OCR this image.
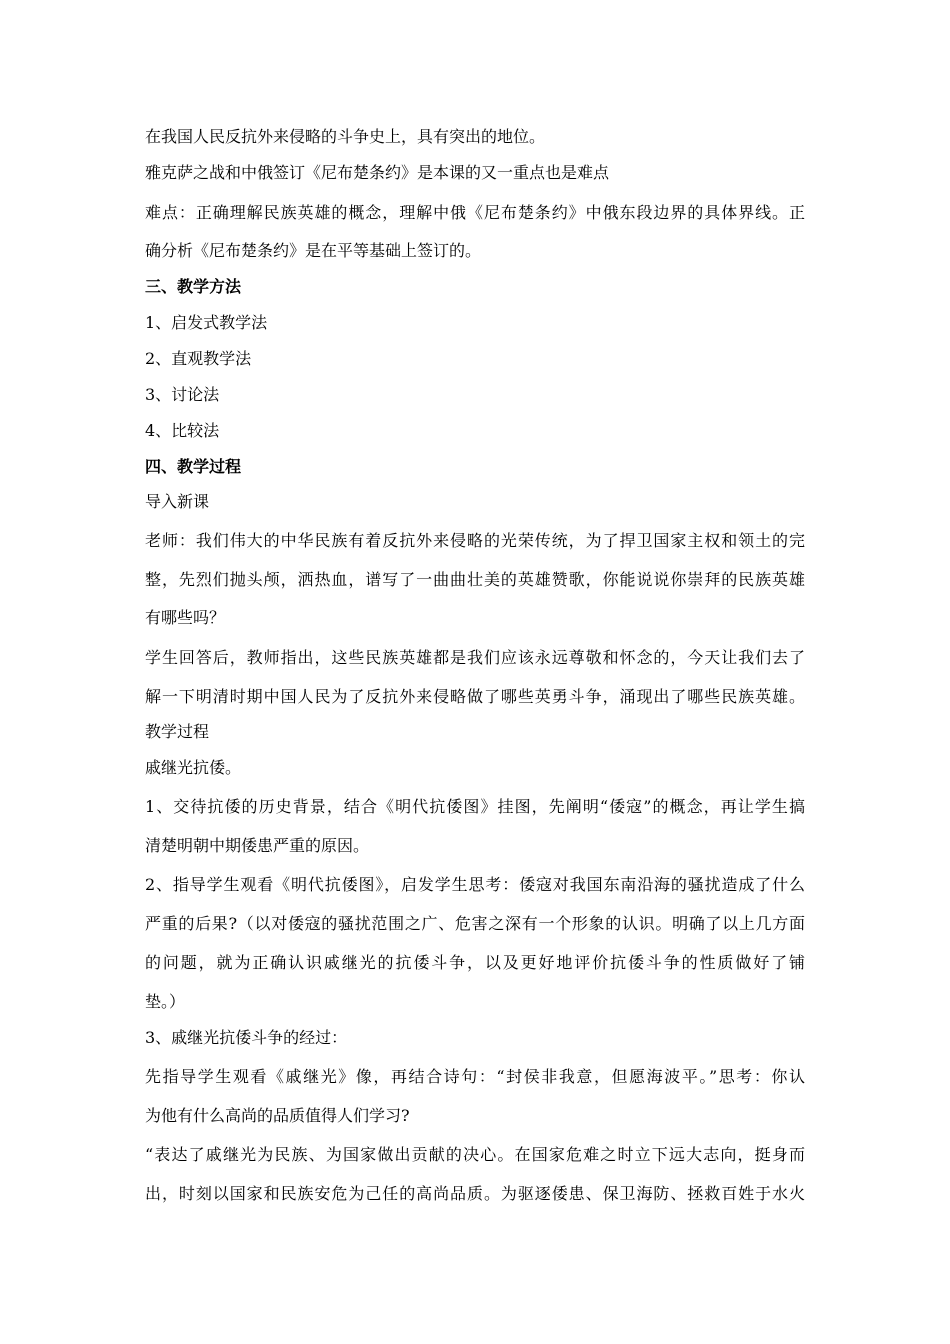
在我国人民反抗外来侵略的斗争史上，具有突出的地位。
雅克萨之战和中俄签订《尼布楚条约》是本课的又一重点也是难点
难点：正确理解民族英雄的概念，理解中俄《尼布楚条约》中俄东段边界的具体界线。正
确分析《尼布楚条约》是在平等基础上签订的。
三、教学方法
1、启发式教学法
2、直观教学法
3、讨论法
4、比较法
四、教学过程
导入新课
老师：我们伟大的中华民族有着反抗外来侵略的光荣传统，为了捍卫国家主权和领土的完
整，先烈们抛头颅，洒热血，谱写了一曲曲壮美的英雄赞歌，你能说说你崇拜的民族英雄
有哪些吗？
学生回答后，教师指出，这些民族英雄都是我们应该永远尊敬和怀念的，今天让我们去了
解一下明清时期中国人民为了反抗外来侵略做了哪些英勇斗争，涌现出了哪些民族英雄。
教学过程
戚继光抗倭。
1、交待抗倭的历史背景，结合《明代抗倭图》挂图，先阐明“倭寇”的概念，再让学生搞
清楚明朝中期倭患严重的原因。
2、指导学生观看《明代抗倭图》，启发学生思考：倭寇对我国东南沿海的骚扰造成了什么
严重的后果?（以对倭寇的骚扰范围之广、危害之深有一个形象的认识。明确了以上几方面
的问题，就为正确认识戚继光的抗倭斗争，以及更好地评价抗倭斗争的性质做好了铺
垫。）
3、戚继光抗倭斗争的经过：
先指导学生观看《戚继光》像，再结合诗句：“封侯非我意，但愿海波平。”思考：你认
为他有什么高尚的品质值得人们学习?
“表达了戚继光为民族、为国家做出贡献的决心。在国家危难之时立下远大志向，挺身而
出，时刻以国家和民族安危为己任的高尚品质。为驱逐倭患、保卫海防、拯救百姓于水火
